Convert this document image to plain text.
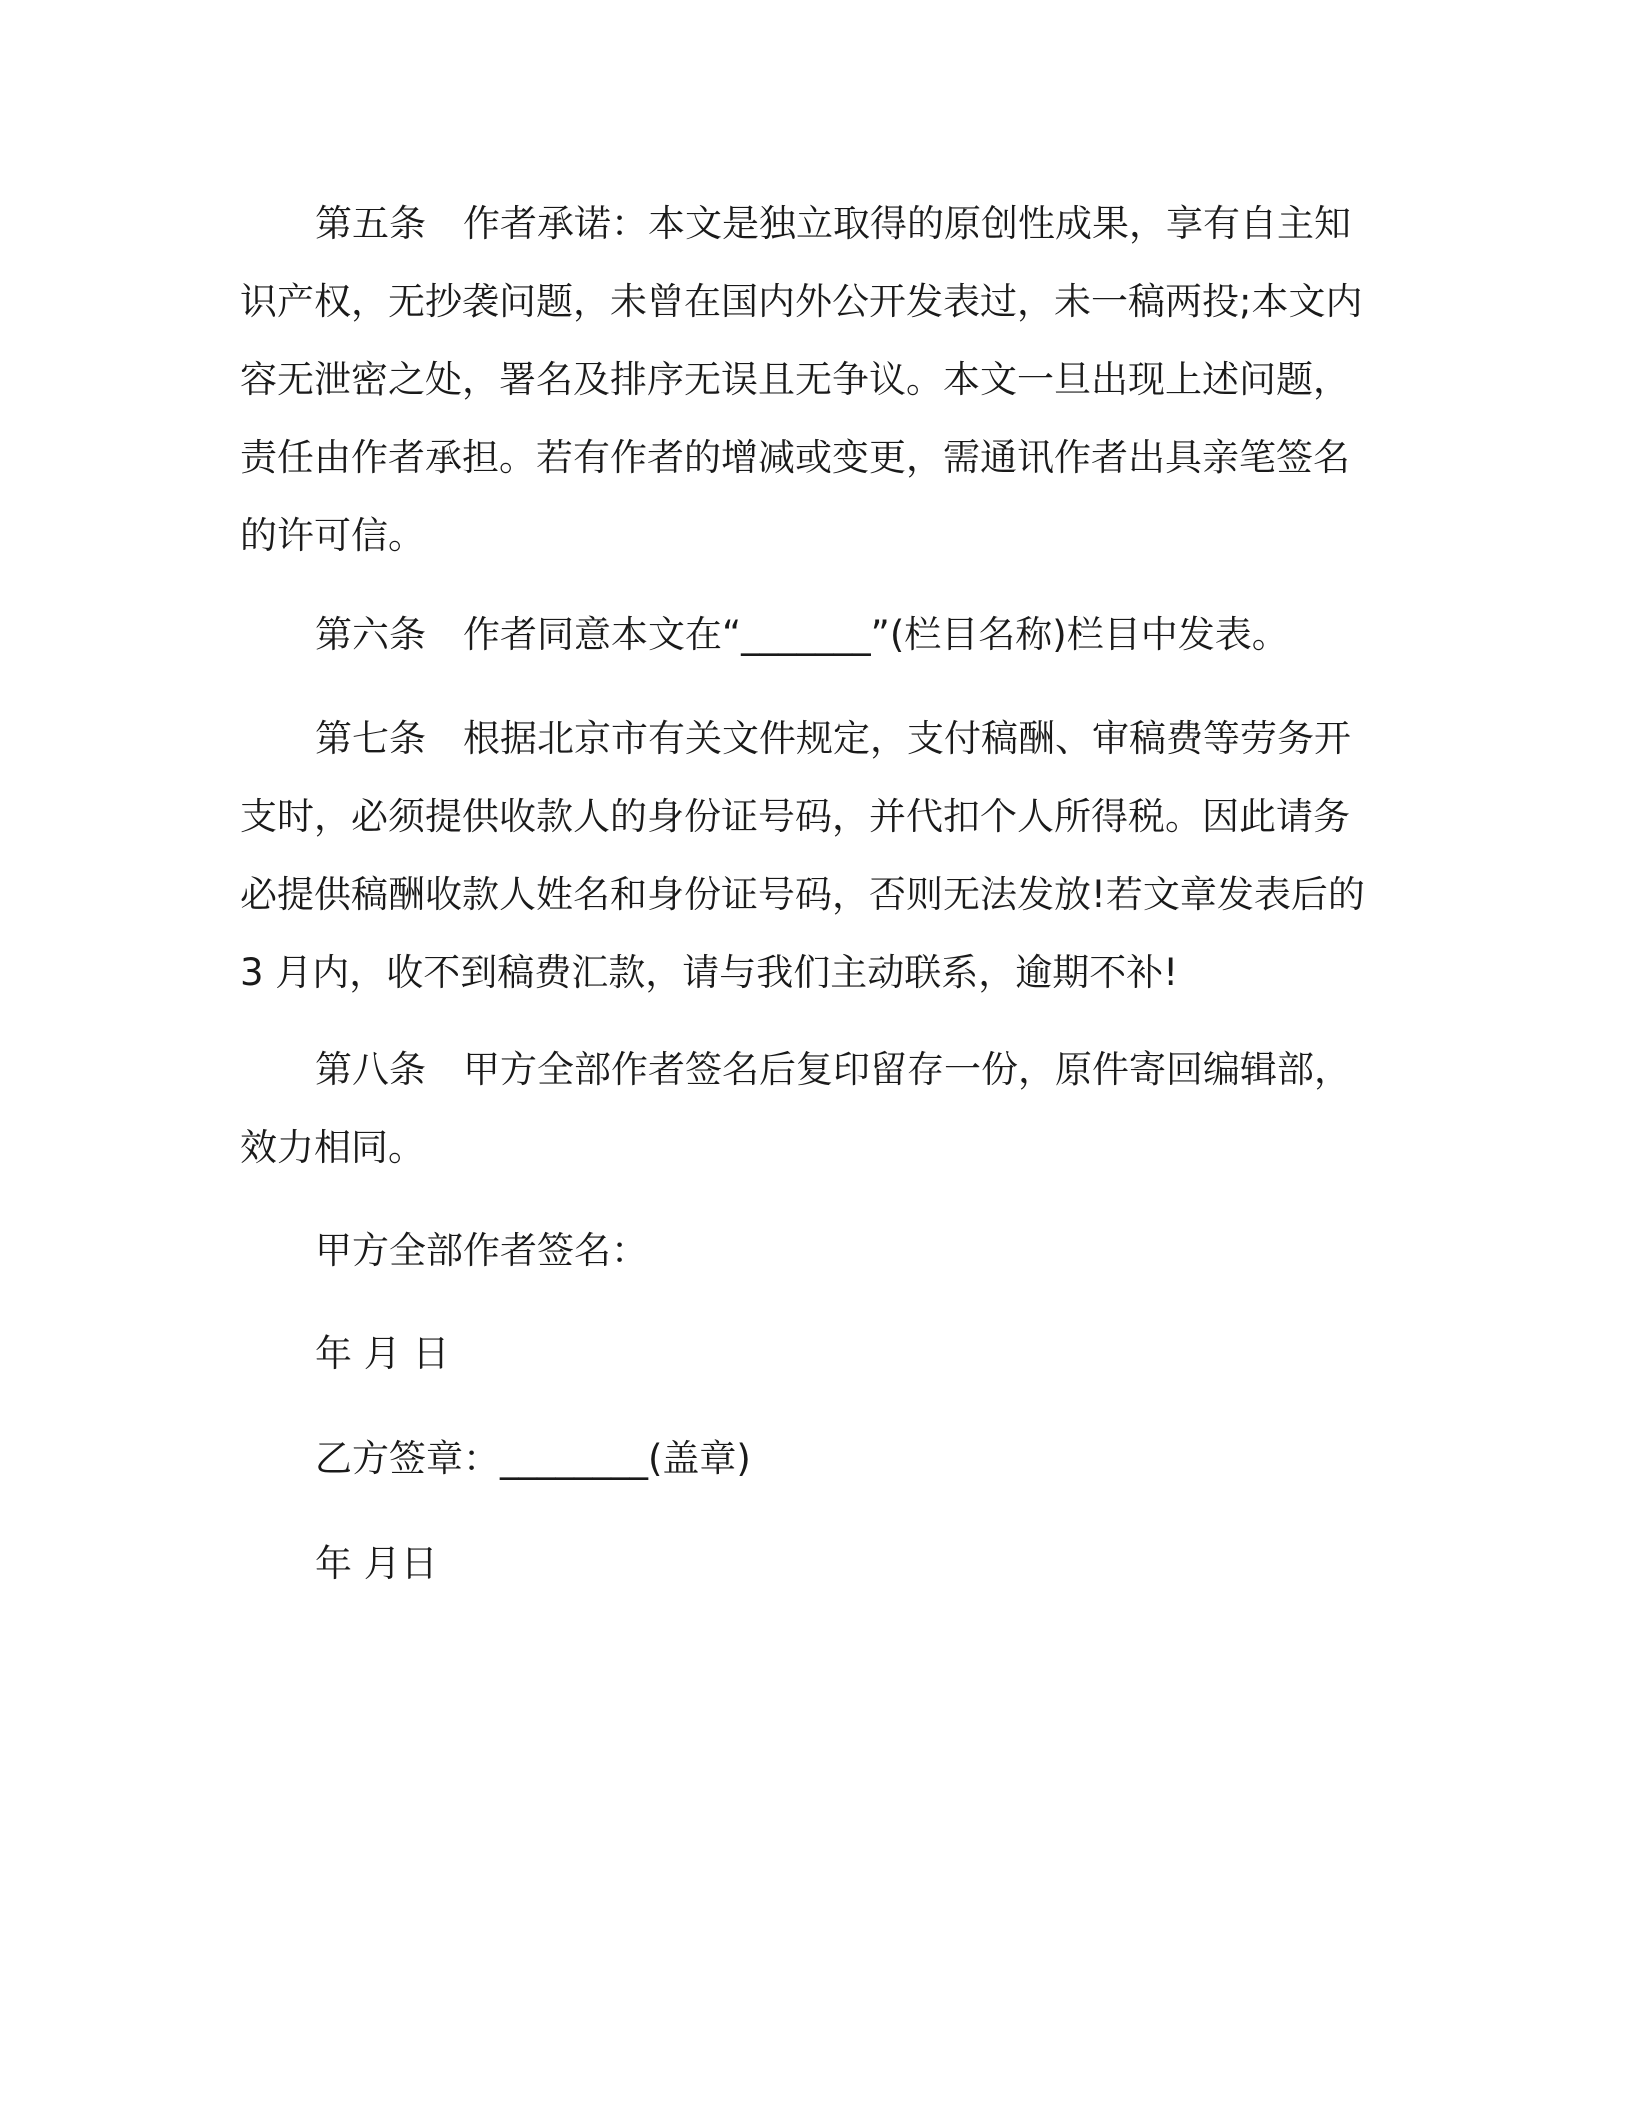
第五条　作者承诺：本文是独立取得的原创性成果，享有自主知识产权，无抄袭问题，未曾在国内外公开发表过，未一稿两投;本文内容无泄密之处，署名及排序无误且无争议。本文一旦出现上述问题，责任由作者承担。若有作者的增减或变更，需通讯作者出具亲笔签名的许可信。

第六条　作者同意本文在“_______”(栏目名称)栏目中发表。

第七条　根据北京市有关文件规定，支付稿酬、审稿费等劳务开支时，必须提供收款人的身份证号码，并代扣个人所得税。因此请务必提供稿酬收款人姓名和身份证号码，否则无法发放!若文章发表后的 3 月内，收不到稿费汇款，请与我们主动联系，逾期不补!

第八条　甲方全部作者签名后复印留存一份，原件寄回编辑部，效力相同。

甲方全部作者签名：

年 月 日

乙方签章：________(盖章)

年 月日
